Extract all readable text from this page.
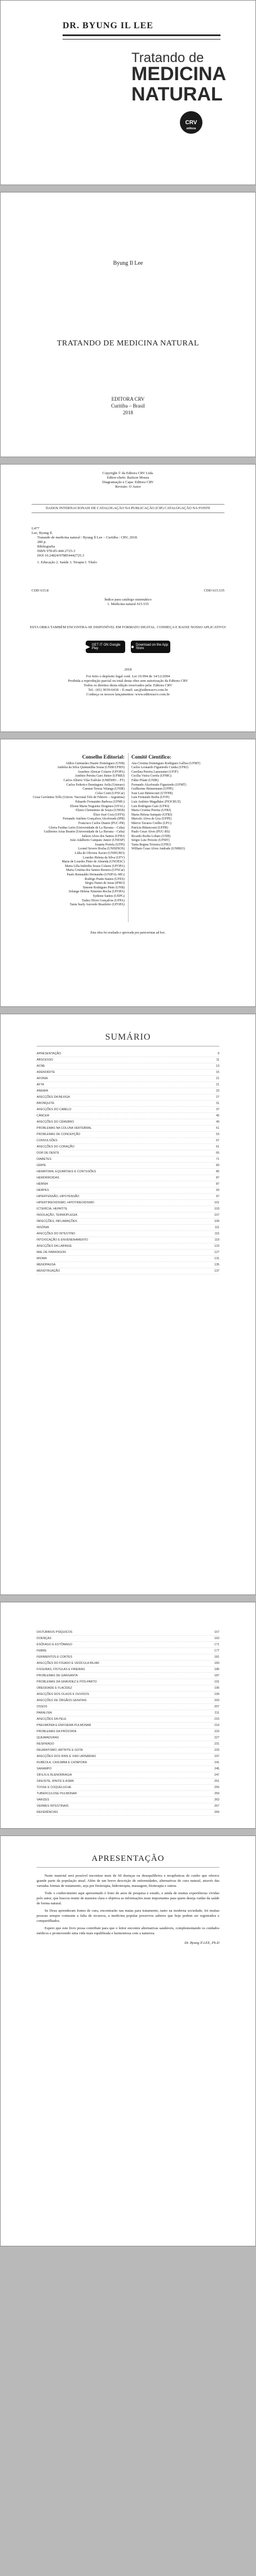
DR. BYUNG IL LEE
Tratando de
MEDICINA
NATURAL
CRV
editora
Byung Il Lee
TRATANDO DE MEDICINA NATURAL
EDITORA CRV
Curitiba – Brasil
2018
Copyright © da Editora CRV Ltda.
Editor-chefe: Railson Moura
Diagramação e Capa: Editora CRV
Revisão: O Autor
DADOS INTERNACIONAIS DE CATALOGAÇÃO NA PUBLICAÇÃO (CIP) CATALOGAÇÃO NA FONTE
L477
Lee, Byung Il.
Tratando de medicina natural / Byung Il Lee – Curitiba : CRV, 2018.
280 p.
Bibliografia
ISBN 978-85-444-2725-3
DOI 10.24824/978854442725.3
1. Educação 2. Saúde 3. Terapia I. Título
CDD 615.8	CDD 615.535
Índice para catálogo sistemático
1. Medicina natural 615.535
ESTA OBRA TAMBÉM ENCONTRA-SE DISPONÍVEL EM FORMATO DIGITAL. CONHEÇA E BAIXE NOSSO APLICATIVO!
▶ GET IT ON Google Play	● Download on the App Store
2018
Foi feito o depósito legal conf. Lei 10.994 de 14/12/2004
Proibida a reprodução parcial ou total desta obra sem autorização da Editora CRV
Todos os direitos desta edição reservados pela: Editora CRV
Tel.: (41) 3039-6418 – E-mail: sac@editoracrv.com.br
Conheça os nossos lançamentos: www.editoracrv.com.br
Conselho Editorial:
Aldira Guimarães Duarte Domínguez (UNB)
Andréia da Silva Quintanilha Sousa (UNIR/UFRN)
Anselmo Alencar Colares (UFOPA)
Antônio Pereira Gaio Júnior (UFRRJ)
Carlos Alberto Vilar Estêvão (UMINHO – PT)
Carlos Federico Domínguez Avila (Unieuro)
Carmen Tereza Velanga (UNIR)
Celso Conti (UFSCar)
Cesar Gerónimo Tello (Univer. Nacional Três de Febrero – Argentina)
Eduardo Fernandes Barbosa (UFMG)
Elione Maria Nogueira Diogenes (UFAL)
Elizeu Clementino de Souza (UNEB)
Élsio José Corá (UFFS)
Fernando Antônio Gonçalves Alcoforado (IPB)
Francisco Carlos Duarte (PUC-PR)
Gloria Fariñas León (Universidade de La Havana – Cuba)
Guillermo Arias Beatón (Universidade de La Havana – Cuba)
Jailson Alves dos Santos (UFRJ)
João Adalberto Campato Junior (UNESP)
Josania Portela (UFPI)
Leonel Severo Rocha (UNISINOS)
Lídia de Oliveira Xavier (UNIEURO)
Lourdes Helena da Silva (UFV)
Maria de Lourdes Pinto de Almeida (UNOESC)
Maria Lília Imbiriba Sousa Colares (UFOPA)
Maria Cristina dos Santos Bezerra (UFSCar)
Paulo Romualdo Hernandes (UNIFAL-MG)
Rodrigo Pratte-Santos (UFES)
Sérgio Nunes de Jesus (IFRO)
Simone Rodrigues Pinto (UNB)
Solange Helena Ximenes-Rocha (UFOPA)
Sydione Santos (UEPG)
Tadeu Oliver Gonçalves (UFPA)
Tania Suely Azevedo Brasileiro (UFOPA)
Comitê Científico:
Ana Cristina Domingues Rodrigues Gallisa (UFMT)
Carlos Leonardo Figueiredo Cunha (UFRJ)
Carolina Pereira Lamounier (UFJF)
Cecília Vieira Corrêa (UFMG)
Fábio Pilatti (UNIR)
Fernando Alcoforado Figueiredo (UFMT)
Guilherme Heinermann (UFPE)
Ivan Luiz Bittencourt (UTFPR)
Luis Fernando Borba (UFJF)
Luiz Antônio Magalhães (FIOCRUZ)
Luis Rodrigues Gaio (UFRJ)
Maria Cristina Pereira (UFRJ)
Maria Helena Sampaio (UFRJ)
Marcelo Alves de Lira (UFPE)
Márcio Tavares Coelho (UFG)
Patrícia Bittencourt (UFPR)
Paulo Cesar Alves (PUC-RS)
Ricardo Borba Lobato (UNB)
Sérgio Luiz Peixoto (UFMT)
Tania Regina Teixeira (UFRJ)
William Cesar Alves Andrade (UNIRIO)
Esta obra foi avaliada e aprovada por pareceristas ad hoc.
SUMÁRIO
APRESENTAÇÃO	9
ABSCESSO	11
ACNE	13
ADENOIDITE	15
AFONIA	21
AFTA	21
ANEMIA	23
AFECÇÕES DA BEXIGA	27
BRONQUITE	31
AFECÇÕES DO CABELO	37
CÂNCER	45
AFECÇÕES DO CÉREBRO	49
PROBLEMAS NA COLUNA VERTEBRAL	51
PROBLEMAS DE CONCEPÇÃO	53
CONVULSÕES	57
AFECÇÕES DO CORAÇÃO	61
DOR DE DENTE	65
DIABETES	71
GRIPE	83
HEMATOMA, EQUIMOSES E CONTUSÕES	85
HEMORROIDAS	87
HÉRNIA	87
HERPES	93
HIPERTENSÃO, HIPOTENSÃO	97
HIPERTIREOIDISMO, HIPOTIREOIDISMO	101
ICTERÍCIA, HEPATITE	103
INSOLAÇÃO, TERMOPLEGIA	107
INFECÇÕES, INFLAMAÇÕES	109
INSÔNIA	111
AFECÇÕES DO INTESTINO	115
INTOXICAÇÃO E ENVENENAMENTO	119
AFECÇÕES DA LARINGE	123
MAL DE PARKINSON	127
MIOMA	131
MENOPAUSA	135
MENSTRUAÇÃO	137
DISTÚRBIOS PSÍQUICOS	157
DOENÇAS	163
ESÔFAGO E ESTÔMAGO	171
FEBRE	177
FERIMENTOS E CORTES	181
AFECÇÕES DO FÍGADO E VESÍCULA BILIAR	183
FISSURAS, FÍSTULAS E FRIEIRAS	185
PROBLEMAS DE GARGANTA	187
PROBLEMAS DA GRAVIDEZ E PÓS-PARTO	191
OBESIDADE E FLACIDEZ	195
AFECÇÕES DOS OLHOS E OUVIDOS	199
AFECÇÕES DE ÓRGÃOS GENITAIS	203
OSSOS	207
PARALISIA	211
AFECÇÕES DA PELE	215
PNEUMONIA E ENFISEMA PULMONAR	219
PROBLEMAS DA PRÓSTATA	223
QUEIMADURAS	227
RESFRIADO	231
REUMATISMO, ARTRITE E GOTA	233
AFECÇÕES DOS RINS E VIAS URINÁRIAS	237
RUBÉOLA, CAXUMBA E CATAPORA	241
SARAMPO	245
SÍFILIS E BLENORRAGIA	247
SINUSITE, RINITE E ASMA	251
TOSSE E COQUELUCHE	255
TUBERCULOSE PULMONAR	259
VARIZES	263
VERMES INTESTINAIS	267
REFERÊNCIAS	269
APRESENTAÇÃO

Neste material será possível encontrar mais de 60 doenças ou desequilíbrios e terapêuticas de cunho que oferece grande parte da população atual. Além de um breve descrição de enfermidades, alternativas de cura natural, através das variadas formas de tratamento, seja por fitoterapia, hidroterapia, massagem, fitoterapia e outras.

Todo o conhecimento aqui apresentado é fruto de anos de pesquisa e estudo, e ainda de muitas experiências vividas pelo autor, que buscou reunir de maneira clara e objetiva as informações mais importantes para quem deseja cuidar da saúde de forma natural.

Se Deus aprenderam fontes de cura, encontrarão nas matas para tratamento, tanto na moderna sociedade, foi muitas pessoas sempre contaram a falta de recursos, a medicina popular preservou saberes que hoje podem ser registrados e compartilhados.

Espero que este livro possa contribuir para que o leitor encontre alternativas saudáveis, complementando os cuidados médicos e promovendo uma vida mais equilibrada e harmoniosa com a natureza.

Dr. Byung Il LEE, Ph.D
